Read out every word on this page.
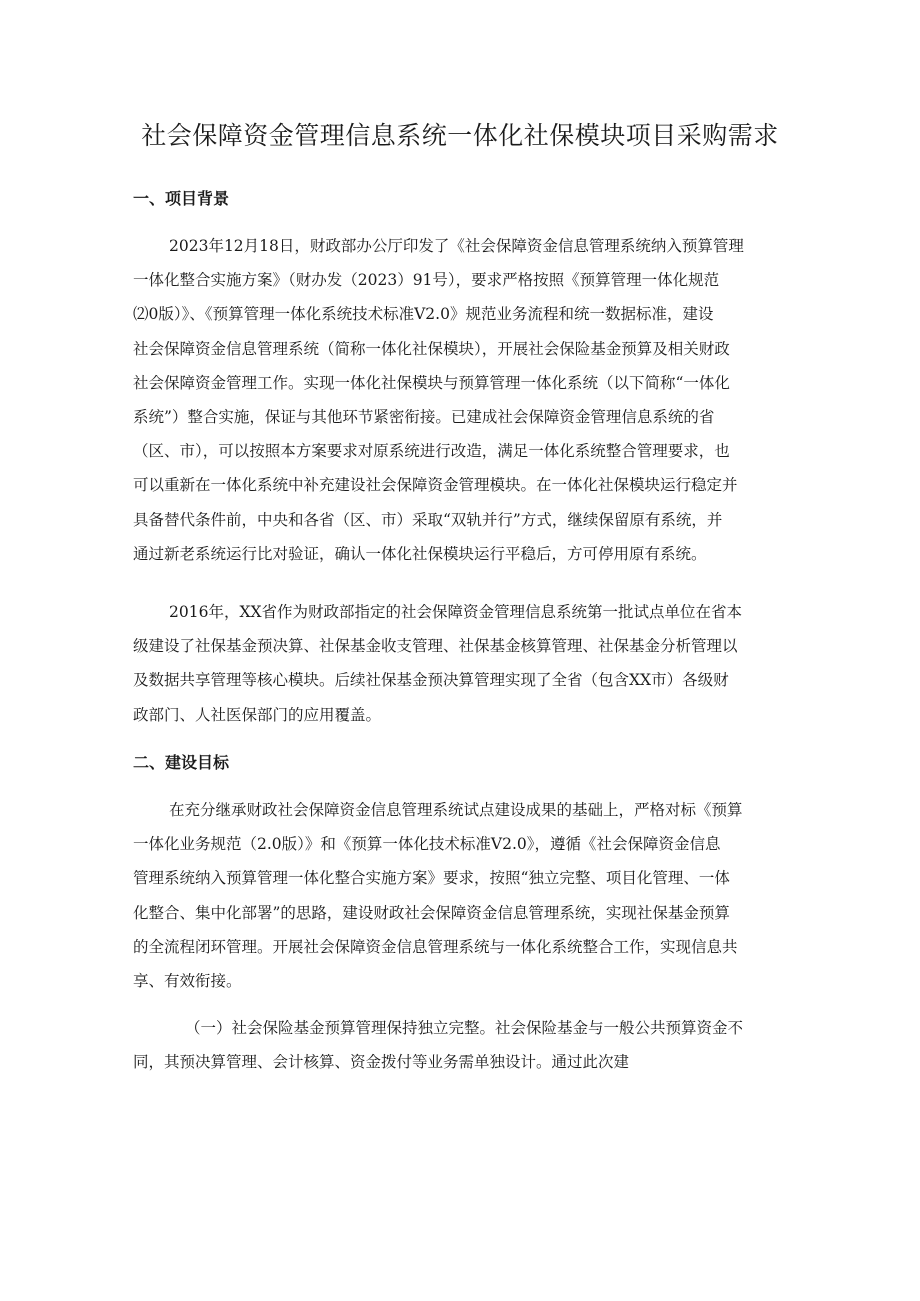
社会保障资金管理信息系统一体化社保模块项目采购需求
一、项目背景
2023年12月18日，财政部办公厅印发了《社会保障资金信息管理系统纳入预算管理
一体化整合实施方案》（财办发（2023）91号），要求严格按照《预算管理一体化规范
⑵0版）》、《预算管理一体化系统技术标准V2.0》规范业务流程和统一数据标准，建设
社会保障资金信息管理系统（简称一体化社保模块），开展社会保险基金预算及相关财政
社会保障资金管理工作。实现一体化社保模块与预算管理一体化系统（以下简称“一体化
系统”）整合实施，保证与其他环节紧密衔接。已建成社会保障资金管理信息系统的省
（区、市），可以按照本方案要求对原系统进行改造，满足一体化系统整合管理要求，也
可以重新在一体化系统中补充建设社会保障资金管理模块。在一体化社保模块运行稳定并
具备替代条件前，中央和各省（区、市）采取“双轨并行”方式，继续保留原有系统，并
通过新老系统运行比对验证，确认一体化社保模块运行平稳后，方可停用原有系统。
2016年，XX省作为财政部指定的社会保障资金管理信息系统第一批试点单位在省本
级建设了社保基金预决算、社保基金收支管理、社保基金核算管理、社保基金分析管理以
及数据共享管理等核心模块。后续社保基金预决算管理实现了全省（包含XX市）各级财
政部门、人社医保部门的应用覆盖。
二、建设目标
在充分继承财政社会保障资金信息管理系统试点建设成果的基础上，严格对标《预算
一体化业务规范（2.0版）》和《预算一体化技术标准V2.0》，遵循《社会保障资金信息
管理系统纳入预算管理一体化整合实施方案》要求，按照“独立完整、项目化管理、一体
化整合、集中化部署”的思路，建设财政社会保障资金信息管理系统，实现社保基金预算
的全流程闭环管理。开展社会保障资金信息管理系统与一体化系统整合工作，实现信息共
享、有效衔接。
（一）社会保险基金预算管理保持独立完整。社会保险基金与一般公共预算资金不
同，其预决算管理、会计核算、资金拨付等业务需单独设计。通过此次建
